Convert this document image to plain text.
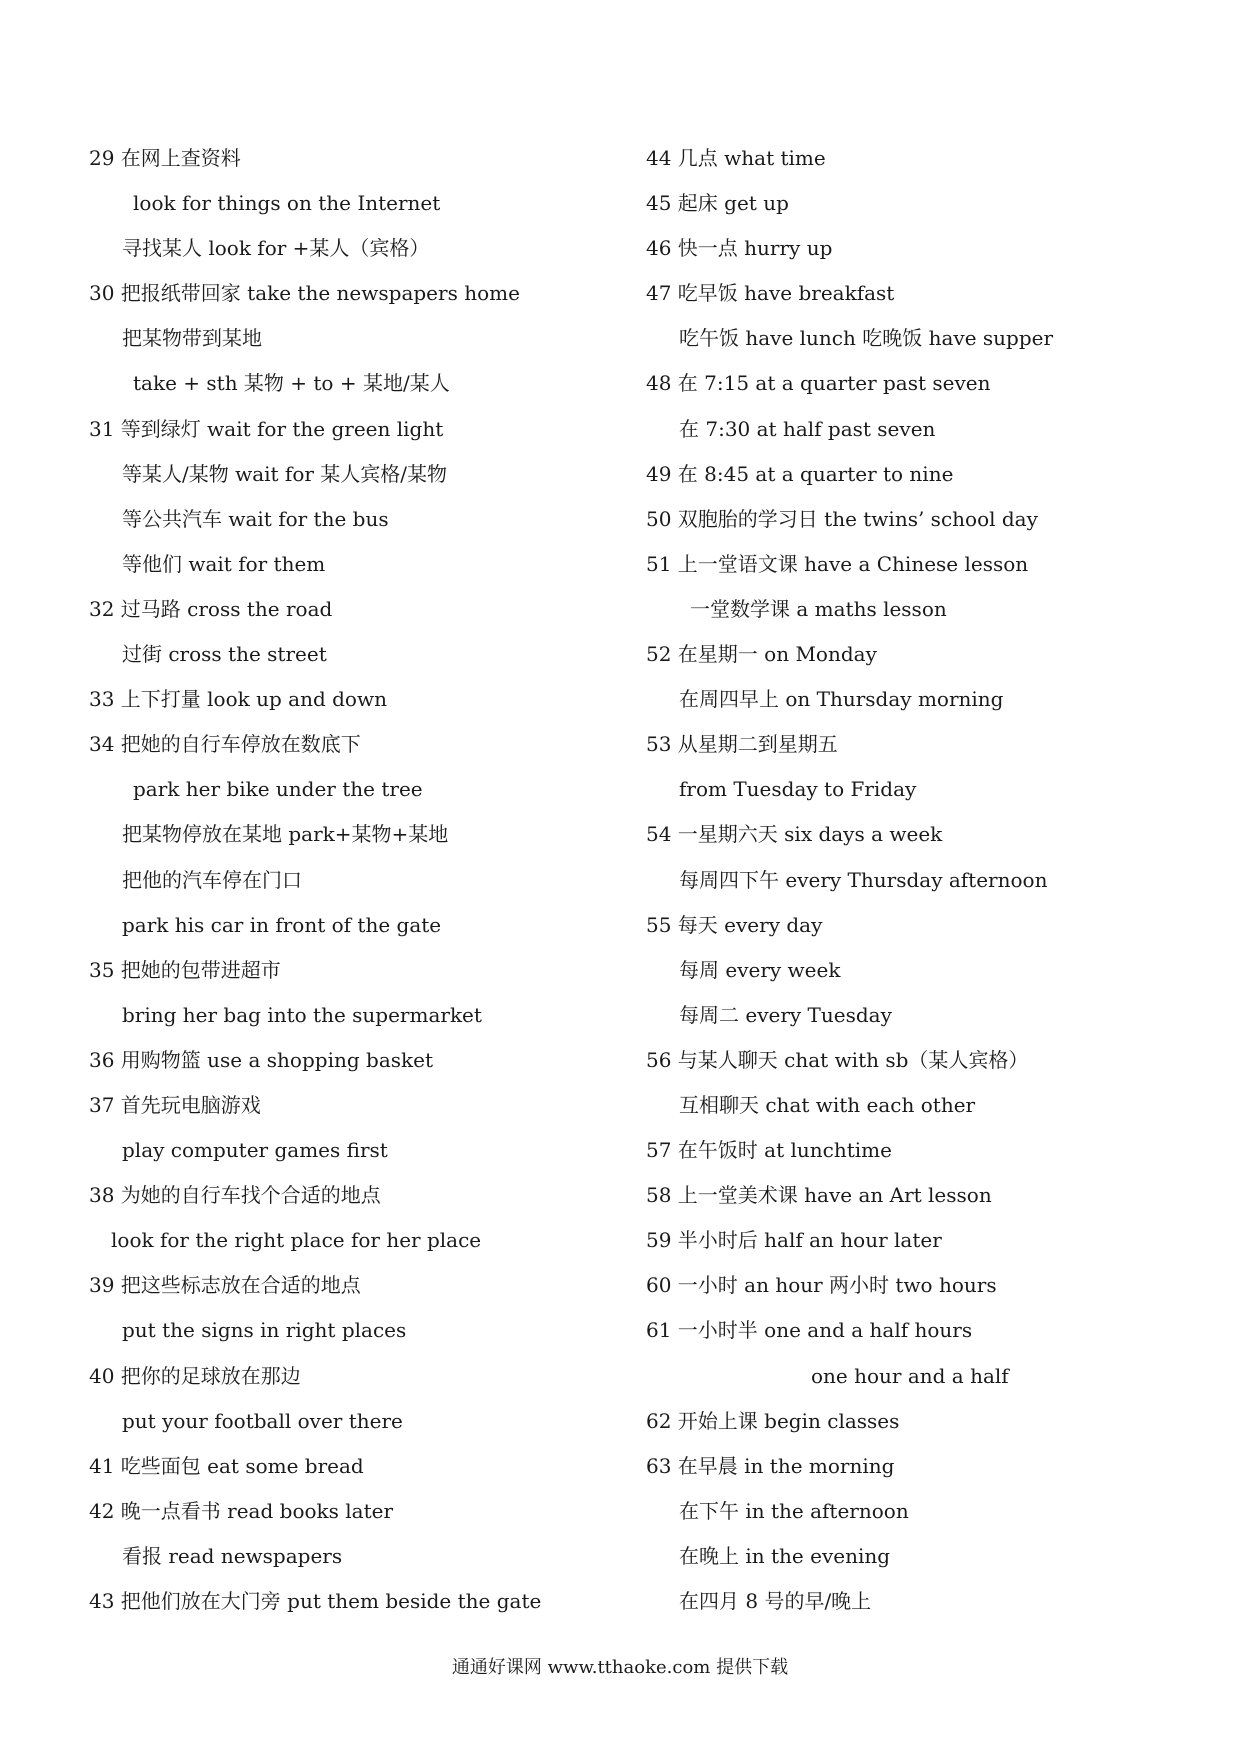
29 在网上查资料
look for things on the Internet
寻找某人 look for +某人（宾格）
30 把报纸带回家 take the newspapers home
把某物带到某地
take + sth 某物 + to + 某地/某人
31 等到绿灯 wait for the green light
等某人/某物 wait for 某人宾格/某物
等公共汽车 wait for the bus
等他们 wait for them
32 过马路 cross the road
过街 cross the street
33 上下打量 look up and down
34 把她的自行车停放在数底下
park her bike under the tree
把某物停放在某地 park+某物+某地
把他的汽车停在门口
park his car in front of the gate
35 把她的包带进超市
bring her bag into the supermarket
36 用购物篮 use a shopping basket
37 首先玩电脑游戏
play computer games first
38 为她的自行车找个合适的地点
look for the right place for her place
39 把这些标志放在合适的地点
put the signs in right places
40 把你的足球放在那边
put your football over there
41 吃些面包 eat some bread
42 晚一点看书 read books later
看报 read newspapers
43 把他们放在大门旁 put them beside the gate
44 几点 what time
45 起床 get up
46 快一点 hurry up
47 吃早饭 have breakfast
吃午饭 have lunch 吃晚饭 have supper
48 在 7:15 at a quarter past seven
在 7:30 at half past seven
49 在 8:45 at a quarter to nine
50 双胞胎的学习日 the twins’ school day
51 上一堂语文课 have a Chinese lesson
一堂数学课 a maths lesson
52 在星期一 on Monday
在周四早上 on Thursday morning
53 从星期二到星期五
from Tuesday to Friday
54 一星期六天 six days a week
每周四下午 every Thursday afternoon
55 每天 every day
每周 every week
每周二 every Tuesday
56 与某人聊天 chat with sb（某人宾格）
互相聊天 chat with each other
57 在午饭时 at lunchtime
58 上一堂美术课 have an Art lesson
59 半小时后 half an hour later
60 一小时 an hour 两小时 two hours
61 一小时半 one and a half hours
one hour and a half
62 开始上课 begin classes
63 在早晨 in the morning
在下午 in the afternoon
在晚上 in the evening
在四月 8 号的早/晚上
通通好课网 www.tthaoke.com 提供下载
